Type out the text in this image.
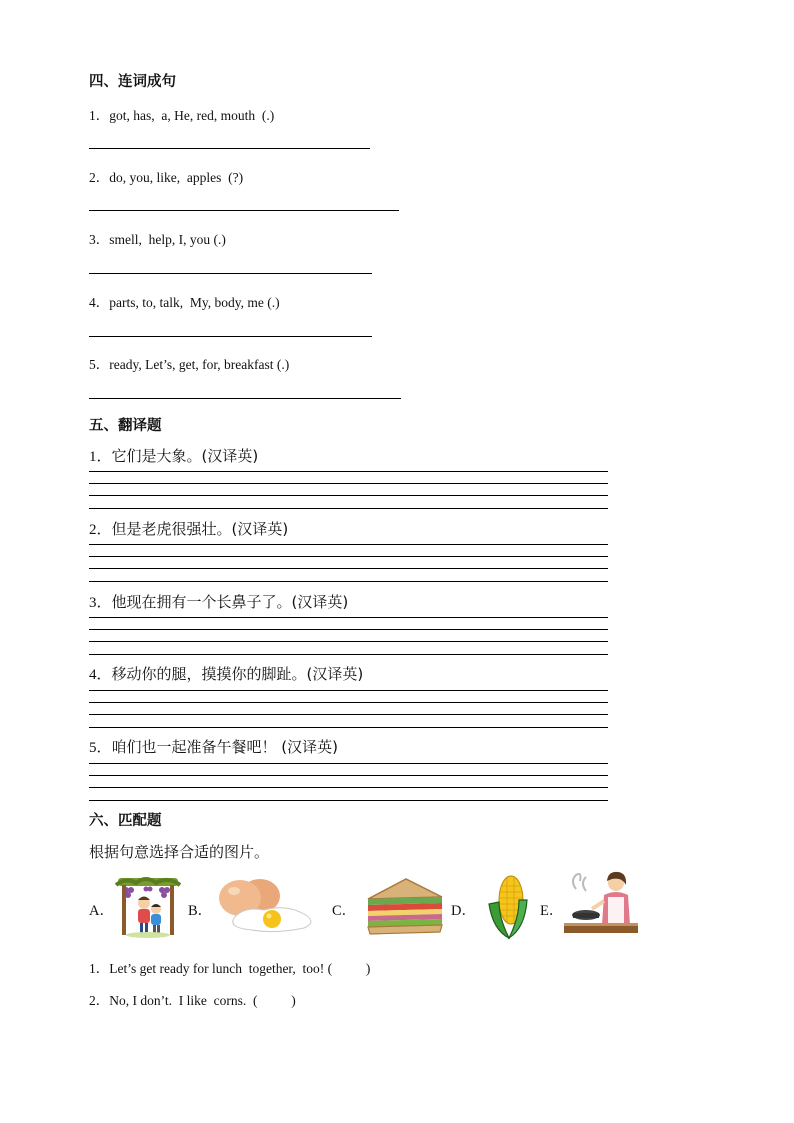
四、连词成句
1．got, has,  a, He, red, mouth  (.)
2．do, you, like,  apples  (?)
3．smell,  help, I, you (.)
4．parts, to, talk,  My, body, me (.)
5．ready, Let’s, get, for, breakfast (.)
五、翻译题
1．它们是大象。(汉译英)
2．但是老虎很强壮。(汉译英)
3．他现在拥有一个长鼻子了。(汉译英)
4．移动你的腿，摸摸你的脚趾。(汉译英)
5．咱们也一起准备午餐吧！ (汉译英)
六、匹配题
根据句意选择合适的图片。
A．	B．	C．	D．	E．
1．Let’s get ready for lunch  together,  too! (          )
2．No, I don’t.  I like  corns.  (          )
